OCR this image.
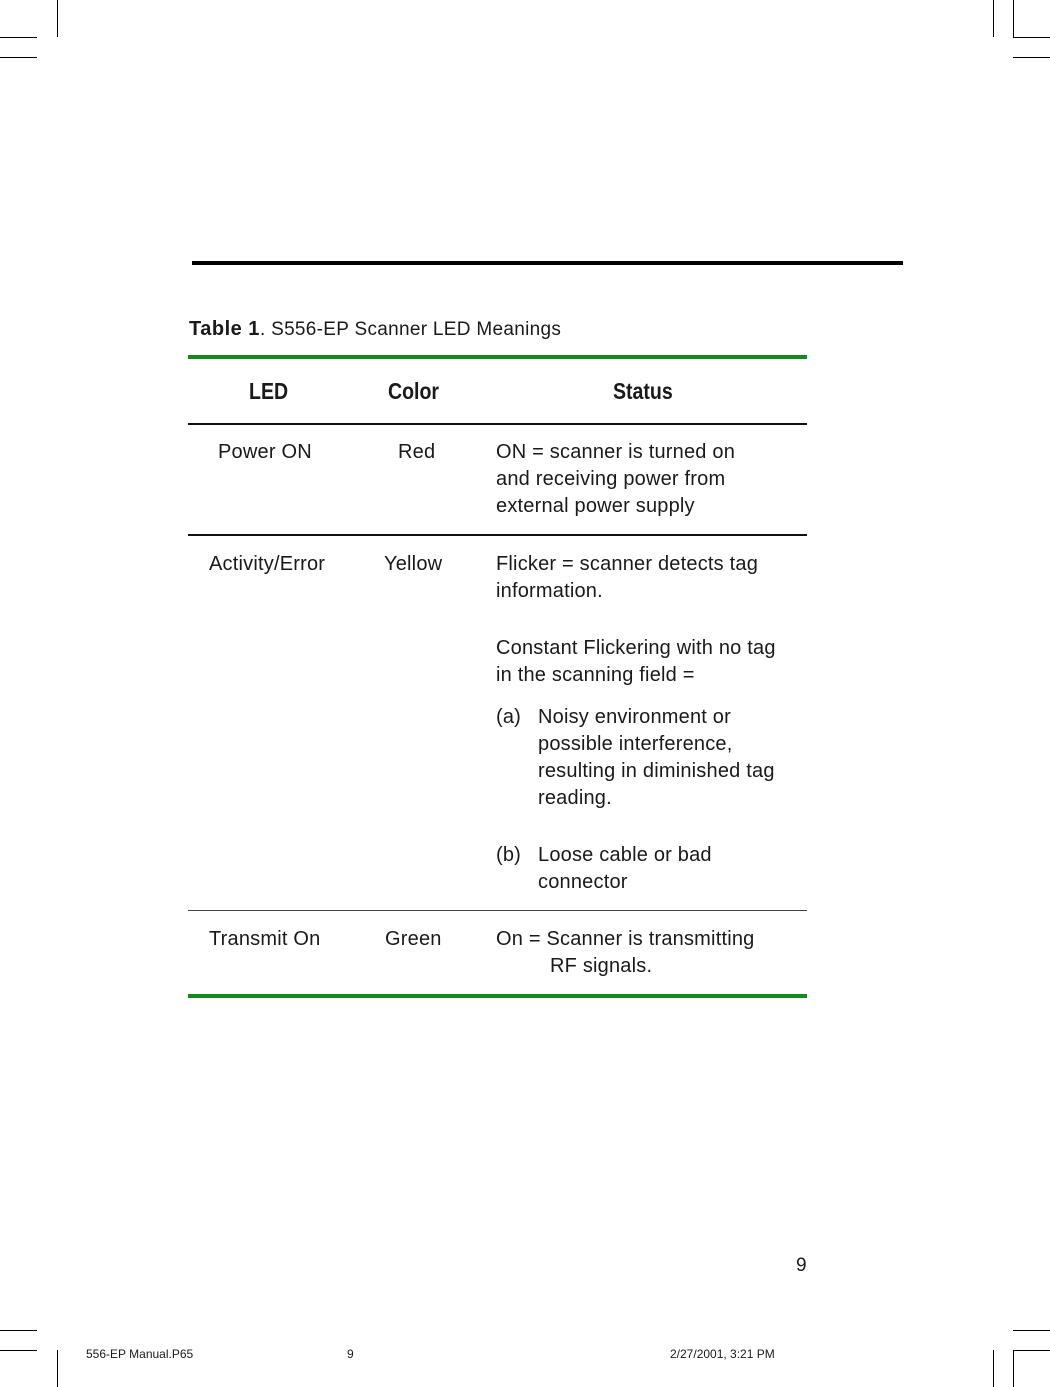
Table 1. S556-EP Scanner LED Meanings
LED	Color	Status
Power ON	Red	ON = scanner is turned on
and receiving power from
external power supply
Activity/Error	Yellow	Flicker = scanner detects tag
information.
Constant Flickering with no tag
in the scanning field =
(a) Noisy environment or
possible interference,
resulting in diminished tag
reading.
(b) Loose cable or bad
connector
Transmit On	Green	On = Scanner is transmitting
RF signals.
9
556-EP Manual.P65	9	2/27/2001, 3:21 PM
